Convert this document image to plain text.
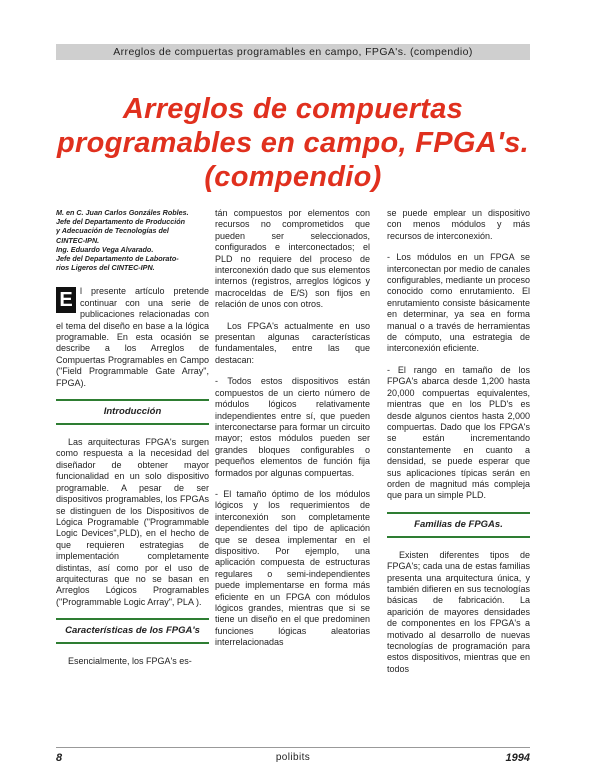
Arreglos de compuertas programables en campo, FPGA's. (compendio)
Arreglos de compuertas programables en campo, FPGA's. (compendio)
M. en C. Juan Carlos Gonzáles Robles.
Jefe del Departamento de Producción
y Adecuación de Tecnologías del
CINTEC-IPN.
Ing. Eduardo Vega Alvarado.
Jefe del Departamento de Laborato-
rios Ligeros del CINTEC-IPN.

E l presente artículo pretende continuar con una serie de publicaciones relacionadas con el tema del diseño en base a la lógica programable. En esta ocasión se describe a los Arreglos de Compuertas Programables en Campo ("Field Programmable Gate Array", FPGA).

Introducción

Las arquitecturas FPGA's surgen como respuesta a la necesidad del diseñador de obtener mayor funcionalidad en un solo dispositivo programable. A pesar de ser dispositivos programables, los FPGAs se distinguen de los Dispositivos de Lógica Programable ("Programmable Logic Devices",PLD), en el hecho de que requieren estrategias de implementación completamente distintas, así como por el uso de arquitecturas que no se basan en Arreglos Lógicos Programables ("Programmable Logic Array", PLA ).

Características de los FPGA's

Esencialmente, los FPGA's es-

tán compuestos por elementos con recursos no comprometidos que pueden ser seleccionados, configurados e interconectados; el PLD no requiere del proceso de interconexión dado que sus elementos internos (registros, arreglos lógicos y macroceldas de E/S) son fijos en relación de unos con otros.

Los FPGA's actualmente en uso presentan algunas características fundamentales, entre las que destacan:

- Todos estos dispositivos están compuestos de un cierto número de módulos lógicos relativamente independientes entre sí, que pueden interconectarse para formar un circuito mayor; estos módulos pueden ser grandes bloques configurables o pequeños elementos de función fija formados por algunas compuertas.

- El tamaño óptimo de los módulos lógicos y los requerimientos de interconexión son completamente dependientes del tipo de aplicación que se desea implementar en el dispositivo. Por ejemplo, una aplicación compuesta de estructuras regulares o semi-independientes puede implementarse en forma más eficiente en un FPGA con módulos lógicos grandes, mientras que si se tiene un diseño en el que predominen funciones lógicas aleatorias interrelacionadas

se puede emplear un dispositivo con menos módulos y más recursos de interconexión.

- Los módulos en un FPGA se interconectan por medio de canales configurables, mediante un proceso conocido como enrutamiento. El enrutamiento consiste básicamente en determinar, ya sea en forma manual o a través de herramientas de cómputo, una estrategia de interconexión eficiente.

- El rango en tamaño de los FPGA's abarca desde 1,200 hasta 20,000 compuertas equivalentes, mientras que en los PLD's es desde algunos cientos hasta 2,000 compuertas. Dado que los FPGA's se están incrementando constantemente en cuanto a densidad, se puede esperar que sus aplicaciones típicas serán en orden de magnitud más compleja que para un simple PLD.

Familias de FPGAs.

Existen diferentes tipos de FPGA's; cada una de estas familias presenta una arquitectura única, y también difieren en sus tecnologías básicas de fabricación. La aparición de mayores densidades de componentes en los FPGA's a motivado al desarrollo de nuevas tecnologías de programación para estos dispositivos, mientras que en todos

8	polibits	1994
